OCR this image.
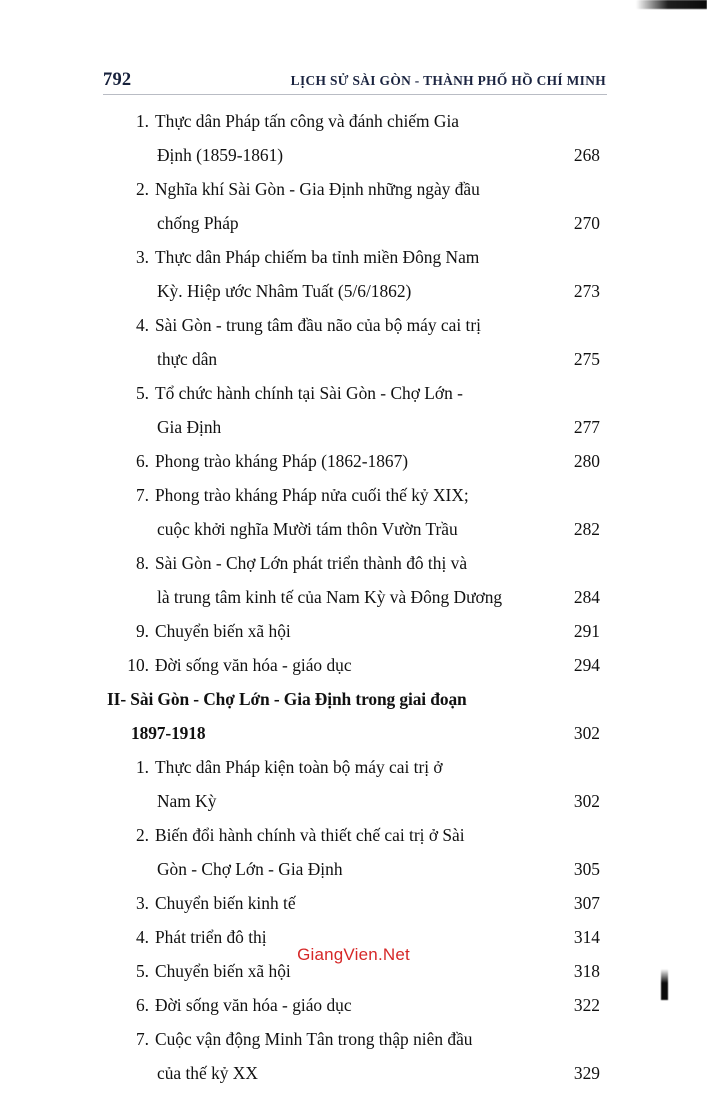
792	LỊCH SỬ SÀI GÒN - THÀNH PHỐ HỒ CHÍ MINH
1. Thực dân Pháp tấn công và đánh chiếm Gia
Định (1859-1861)	268
2. Nghĩa khí Sài Gòn - Gia Định những ngày đầu
chống Pháp	270
3. Thực dân Pháp chiếm ba tỉnh miền Đông Nam
Kỳ. Hiệp ước Nhâm Tuất (5/6/1862)	273
4. Sài Gòn - trung tâm đầu não của bộ máy cai trị
thực dân	275
5. Tổ chức hành chính tại Sài Gòn - Chợ Lớn -
Gia Định	277
6. Phong trào kháng Pháp (1862-1867)	280
7. Phong trào kháng Pháp nửa cuối thế kỷ XIX;
cuộc khởi nghĩa Mười tám thôn Vườn Trầu	282
8. Sài Gòn - Chợ Lớn phát triển thành đô thị và
là trung tâm kinh tế của Nam Kỳ và Đông Dương	284
9. Chuyển biến xã hội	291
10. Đời sống văn hóa - giáo dục	294
II- Sài Gòn - Chợ Lớn - Gia Định trong giai đoạn
1897-1918	302
1. Thực dân Pháp kiện toàn bộ máy cai trị ở
Nam Kỳ	302
2. Biến đổi hành chính và thiết chế cai trị ở Sài
Gòn - Chợ Lớn - Gia Định	305
3. Chuyển biến kinh tế	307
4. Phát triển đô thị	314
5. Chuyển biến xã hội	318
6. Đời sống văn hóa - giáo dục	322
7. Cuộc vận động Minh Tân trong thập niên đầu
của thế kỷ XX	329
GiangVien.Net
